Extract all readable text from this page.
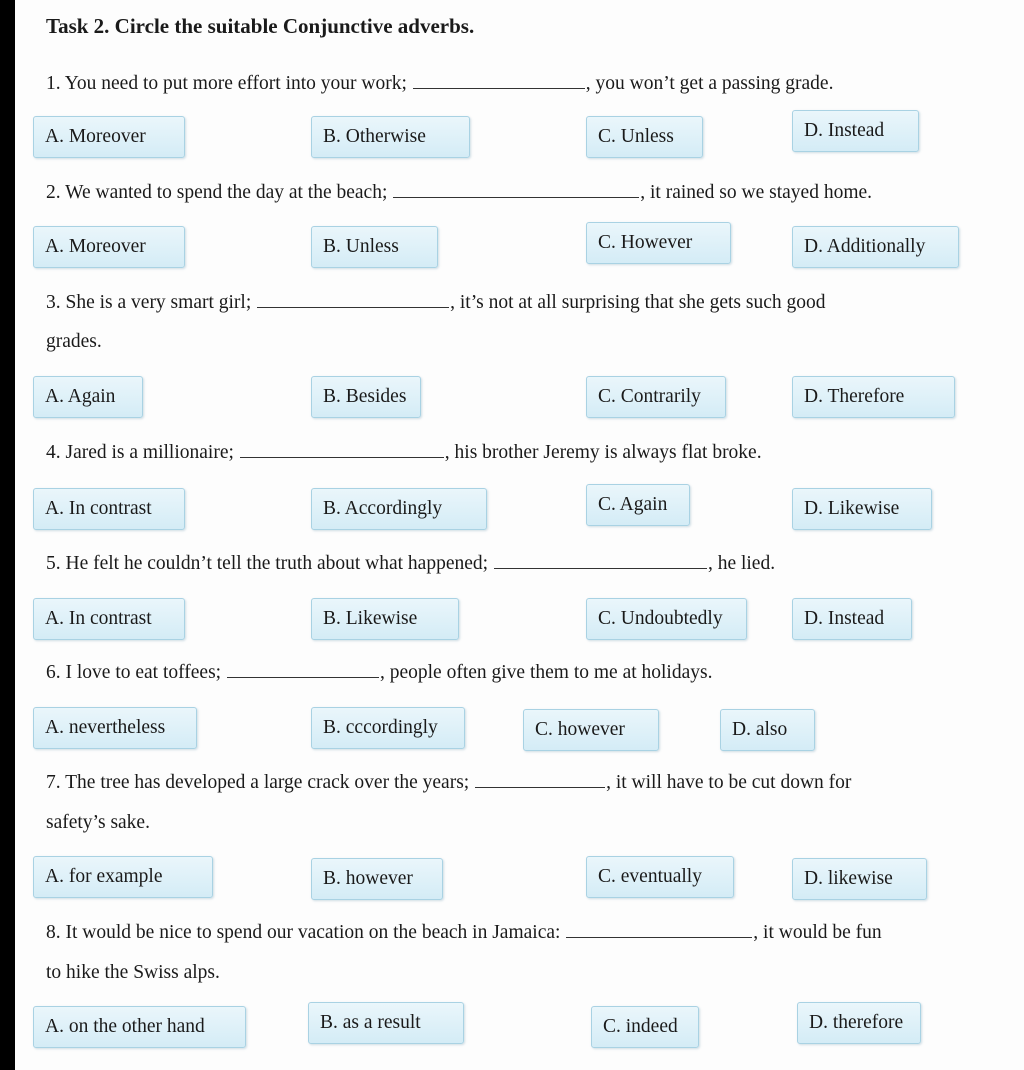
Task 2. Circle the suitable Conjunctive adverbs.
1. You need to put more effort into your work;	, you won’t get a passing grade.
A. Moreover	B. Otherwise	C. Unless	D. Instead
2. We wanted to spend the day at the beach;	, it rained so we stayed home.
A. Moreover	B. Unless	C. However	D. Additionally
3. She is a very smart girl;	, it’s not at all surprising that she gets such good
grades.
A. Again	B. Besides	C. Contrarily	D. Therefore
4. Jared is a millionaire;	, his brother Jeremy is always flat broke.
A. In contrast	B. Accordingly	C. Again	D. Likewise
5. He felt he couldn’t tell the truth about what happened;	, he lied.
A. In contrast	B. Likewise	C. Undoubtedly	D. Instead
6. I love to eat toffees;	, people often give them to me at holidays.
A. nevertheless	B. cccordingly	C. however	D. also
7. The tree has developed a large crack over the years;	, it will have to be cut down for
safety’s sake.
A. for example	B. however	C. eventually	D. likewise
8. It would be nice to spend our vacation on the beach in Jamaica:	, it would be fun
to hike the Swiss alps.
A. on the other hand	B. as a result	C. indeed	D. therefore
